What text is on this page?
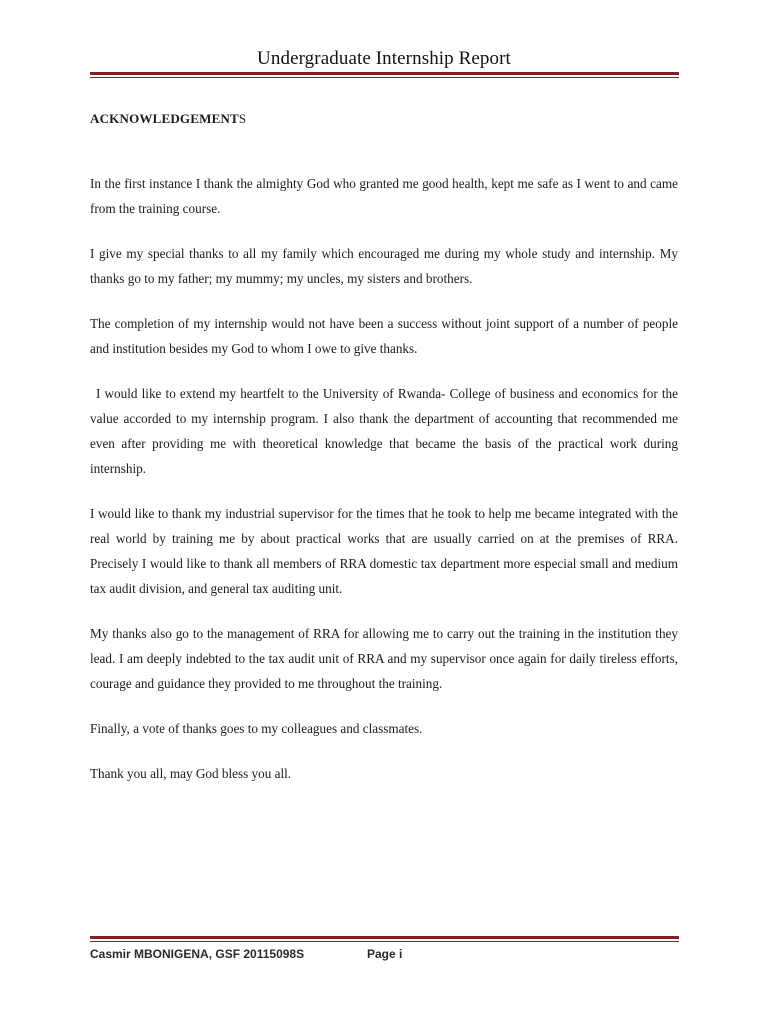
Undergraduate Internship Report
ACKNOWLEDGEMENTS

In the first instance I thank the almighty God who granted me good health, kept me safe as I went to and came from the training course.

I give my special thanks to all my family which encouraged me during my whole study and internship. My thanks go to my father; my mummy; my uncles, my sisters and brothers.

The completion of my internship would not have been a success without joint support of a number of people and institution besides my God to whom I owe to give thanks.

I would like to extend my heartfelt to the University of Rwanda- College of business and economics for the value accorded to my internship program. I also thank the department of accounting that recommended me even after providing me with theoretical knowledge that became the basis of the practical work during internship.

I would like to thank my industrial supervisor for the times that he took to help me became integrated with the real world by training me by about practical works that are usually carried on at the premises of RRA. Precisely I would like to thank all members of RRA domestic tax department more especial small and medium tax audit division, and general tax auditing unit.

My thanks also go to the management of RRA for allowing me to carry out the training in the institution they lead. I am deeply indebted to the tax audit unit of RRA and my supervisor once again for daily tireless efforts, courage and guidance they provided to me throughout the training.

Finally, a vote of thanks goes to my colleagues and classmates.

Thank you all, may God bless you all.

Casmir MBONIGENA, GSF 20115098S	Page i
